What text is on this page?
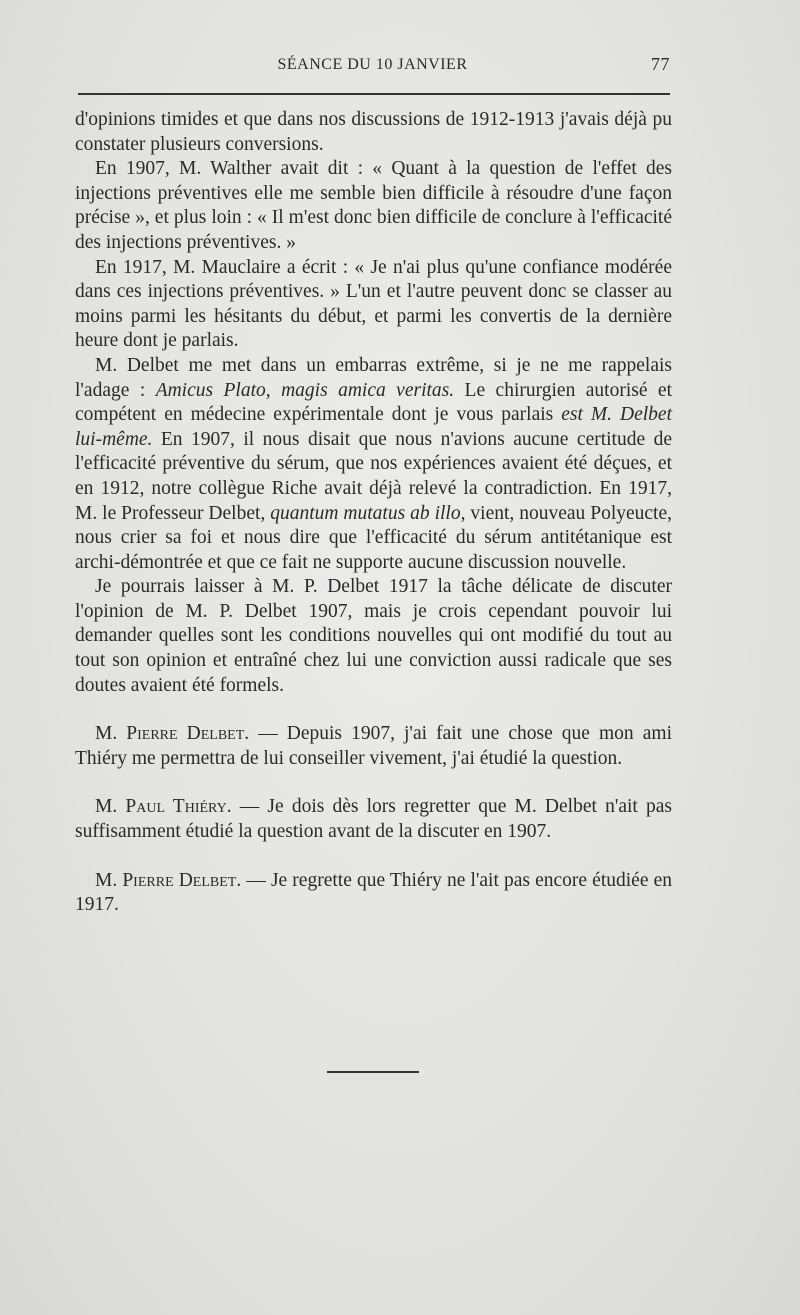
SÉANCE DU 10 JANVIER	77

d'opinions timides et que dans nos discussions de 1912-1913 j'avais déjà pu constater plusieurs conversions.

En 1907, M. Walther avait dit : « Quant à la question de l'effet des injections préventives elle me semble bien difficile à résoudre d'une façon précise », et plus loin : « Il m'est donc bien difficile de conclure à l'efficacité des injections préventives. »

En 1917, M. Mauclaire a écrit : « Je n'ai plus qu'une confiance modérée dans ces injections préventives. » L'un et l'autre peuvent donc se classer au moins parmi les hésitants du début, et parmi les convertis de la dernière heure dont je parlais.

M. Delbet me met dans un embarras extrême, si je ne me rappelais l'adage : Amicus Plato, magis amica veritas. Le chirurgien autorisé et compétent en médecine expérimentale dont je vous parlais est M. Delbet lui-même. En 1907, il nous disait que nous n'avions aucune certitude de l'efficacité préventive du sérum, que nos expériences avaient été déçues, et en 1912, notre collègue Riche avait déjà relevé la contradiction. En 1917, M. le Professeur Delbet, quantum mutatus ab illo, vient, nouveau Polyeucte, nous crier sa foi et nous dire que l'efficacité du sérum antitétanique est archi-démontrée et que ce fait ne supporte aucune discussion nouvelle.

Je pourrais laisser à M. P. Delbet 1917 la tâche délicate de discuter l'opinion de M. P. Delbet 1907, mais je crois cependant pouvoir lui demander quelles sont les conditions nouvelles qui ont modifié du tout au tout son opinion et entraîné chez lui une conviction aussi radicale que ses doutes avaient été formels.

M. Pierre Delbet. — Depuis 1907, j'ai fait une chose que mon ami Thiéry me permettra de lui conseiller vivement, j'ai étudié la question.

M. Paul Thiéry. — Je dois dès lors regretter que M. Delbet n'ait pas suffisamment étudié la question avant de la discuter en 1907.

M. Pierre Delbet. — Je regrette que Thiéry ne l'ait pas encore étudiée en 1917.
